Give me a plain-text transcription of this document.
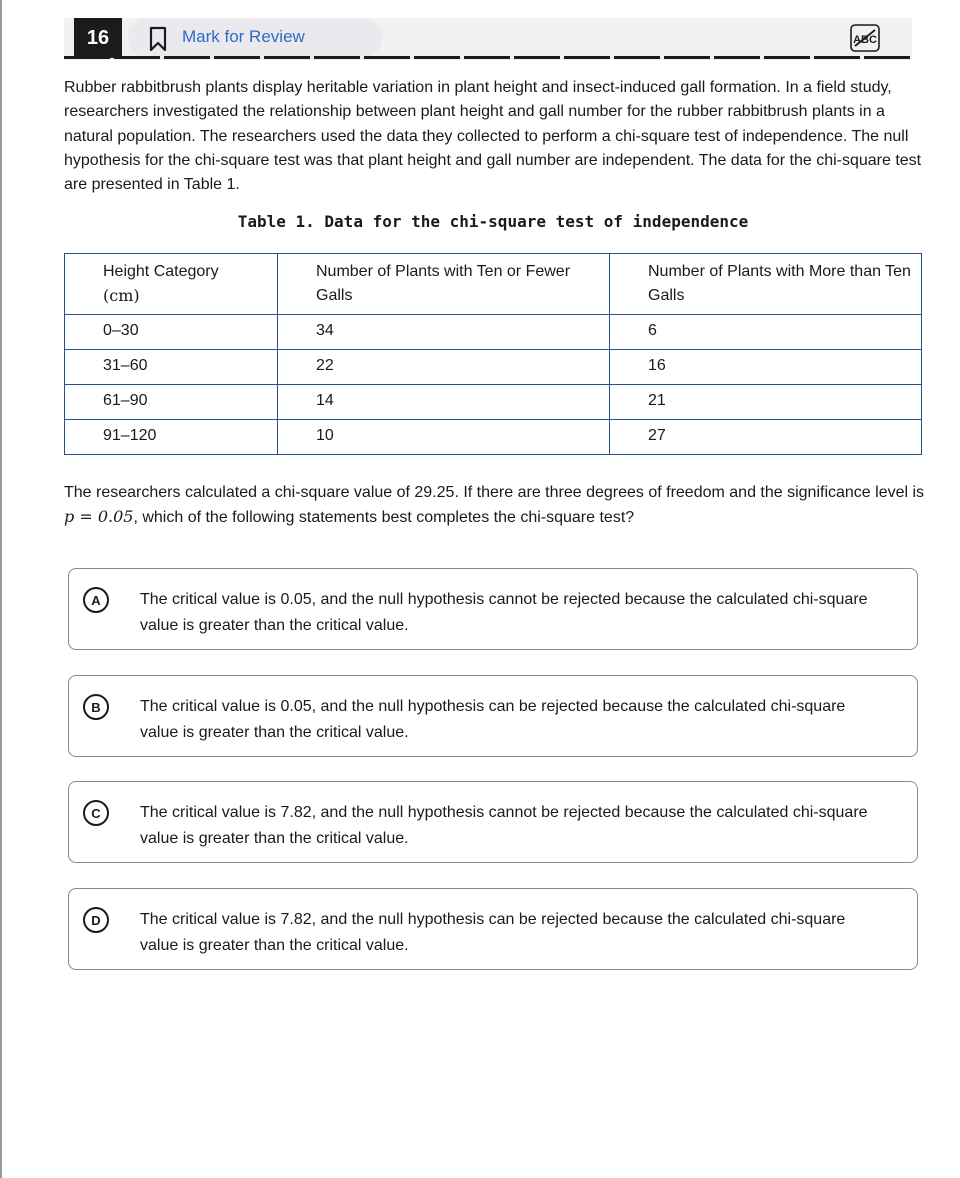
16	Mark for Review	ABC

Rubber rabbitbrush plants display heritable variation in plant height and insect-induced gall formation. In a field study, researchers investigated the relationship between plant height and gall number for the rubber rabbitbrush plants in a natural population. The researchers used the data they collected to perform a chi-square test of independence. The null hypothesis for the chi-square test was that plant height and gall number are independent. The data for the chi-square test are presented in Table 1.

Table 1. Data for the chi-square test of independence
Height Category
(cm)	Number of Plants with Ten or Fewer Galls	Number of Plants with More than Ten Galls
0–30	34	6
31–60	22	16
61–90	14	21
91–120	10	27

The researchers calculated a chi-square value of 29.25. If there are three degrees of freedom and the significance level is p = 0.05, which of the following statements best completes the chi-square test?

A	The critical value is 0.05, and the null hypothesis cannot be rejected because the calculated chi-square value is greater than the critical value.
B	The critical value is 0.05, and the null hypothesis can be rejected because the calculated chi-square value is greater than the critical value.
C	The critical value is 7.82, and the null hypothesis cannot be rejected because the calculated chi-square value is greater than the critical value.
D	The critical value is 7.82, and the null hypothesis can be rejected because the calculated chi-square value is greater than the critical value.
